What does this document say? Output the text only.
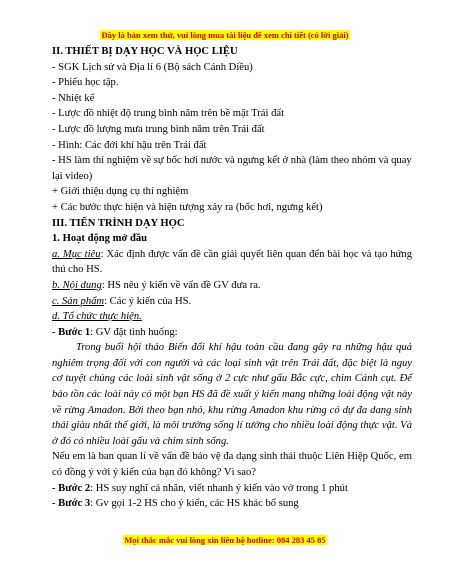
Đây là bản xem thử, vui lòng mua tài liệu để xem chi tiết (có lời giải)

II. THIẾT BỊ DẠY HỌC VÀ HỌC LIỆU

- SGK Lịch sử và Địa lí 6 (Bộ sách Cánh Diều)

- Phiếu học tập.

- Nhiệt kế

- Lược đồ nhiệt độ trung bình năm trên bề mặt Trái đất

- Lược đồ lượng mưa trung bình năm trên Trái đất

- Hình: Các đới khí hậu trên Trái đất

- HS làm thí nghiệm về sự bốc hơi nước và ngưng kết ở nhà (làm theo nhóm và quay lại video)

+ Giới thiệu dụng cụ thí nghiệm

+ Các bước thực hiện và hiện tượng xảy ra (bốc hơi, ngưng kết)

III. TIẾN TRÌNH DẠY HỌC

1. Hoạt động mở đầu

a. Mục tiêu: Xác định được vấn đề cần giải quyết liên quan đến bài học và tạo hứng thú cho HS.

b. Nội dung: HS nêu ý kiến về vấn đề GV đưa ra.

c. Sản phẩm: Các ý kiến của HS.

d. Tổ chức thực hiện.

- Bước 1: GV đặt tình huống:

Trong buổi hội thảo Biến đổi khí hậu toàn cầu đang gây ra những hậu quả nghiêm trọng đối với con người và các loại sinh vật trên Trái đất, đặc biệt là nguy cơ tuyệt chủng các loài sinh vật sống ở 2 cực như gấu Bắc cực, chim Cánh cụt. Để bảo tồn các loài này có một bạn HS đã đề xuất ý kiến mang những loài động vật này về rừng Amadon. Bởi theo bạn nhỏ, khu rừng Amadon khu rừng có dự đa dang sinh thái giàu nhất thế giới, là môi trường sống lí tưởng cho nhiều loài động thực vật. Và ở đó có nhiều loài gấu và chim sinh sống.

Nếu em là ban quan lí về vấn đề bảo vệ đa dạng sinh thái thuộc Liên Hiệp Quốc, em có đồng ý với ý kiến của bạn đó không? Vì sao?

- Bước 2: HS suy nghĩ cá nhân, viết nhanh ý kiến vào vở trong 1 phút

- Bước 3: Gv gọi 1-2 HS cho ý kiến, các HS khác bổ sung

Mọi thắc mắc vui lòng xin liên hệ hotline: 084 283 45 85
